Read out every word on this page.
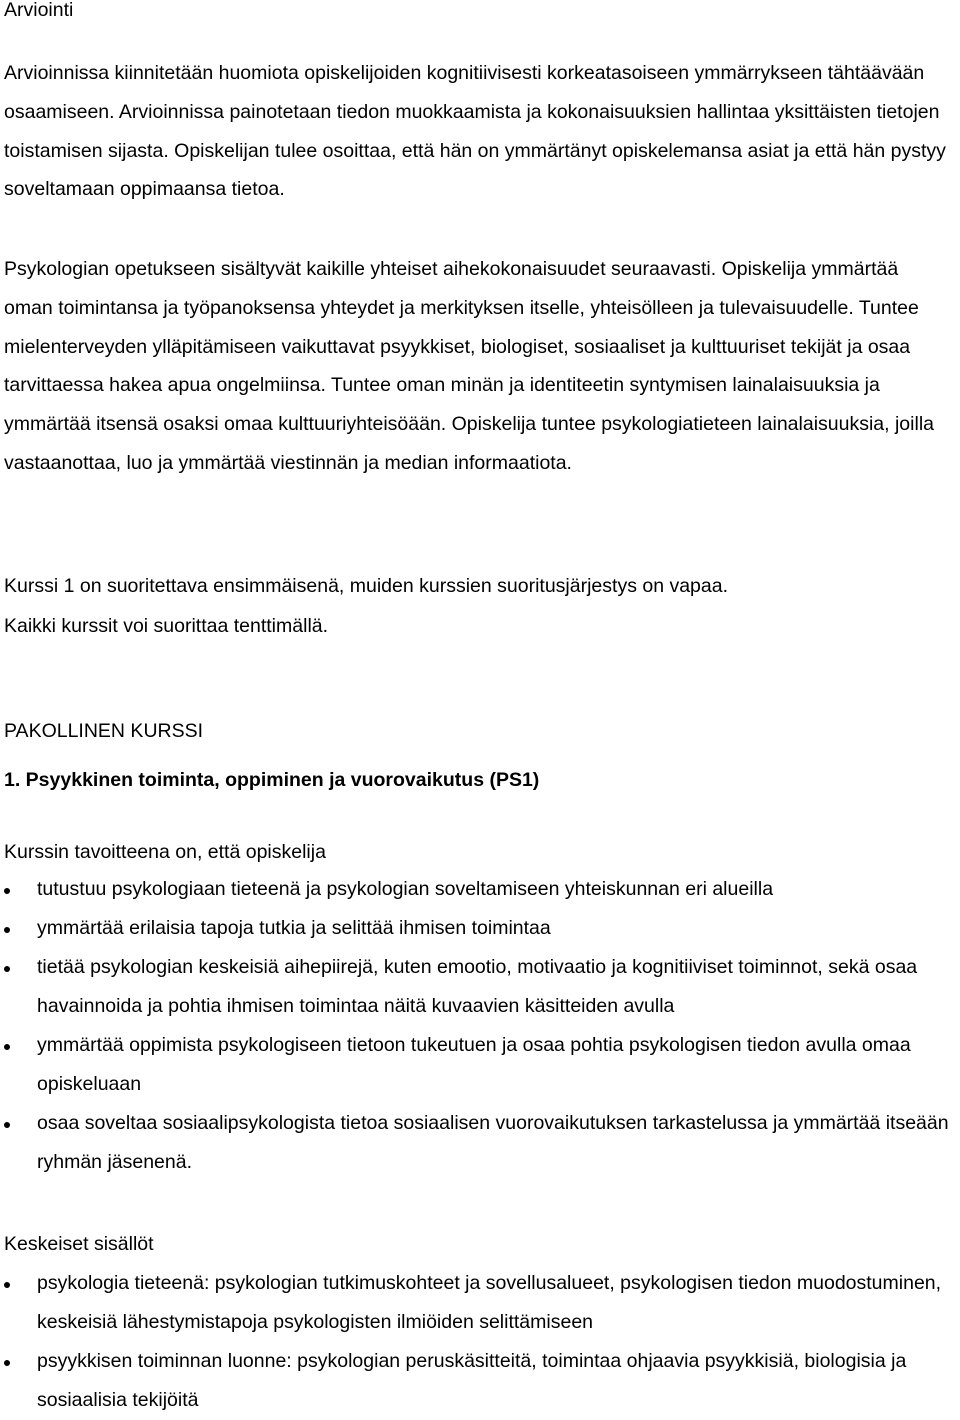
Arviointi

Arvioinnissa kiinnitetään huomiota opiskelijoiden kognitiivisesti korkeatasoiseen ymmärrykseen tähtäävään osaamiseen. Arvioinnissa painotetaan tiedon muokkaamista ja kokonaisuuksien hallintaa yksittäisten tietojen toistamisen sijasta. Opiskelijan tulee osoittaa, että hän on ymmärtänyt opiskelemansa asiat ja että hän pystyy soveltamaan oppimaansa tietoa.

Psykologian opetukseen sisältyvät kaikille yhteiset aihekokonaisuudet seuraavasti. Opiskelija ymmärtää oman toimintansa ja työpanoksensa yhteydet ja merkityksen itselle, yhteisölleen ja tulevaisuudelle. Tuntee mielenterveyden ylläpitämiseen vaikuttavat psyykkiset, biologiset, sosiaaliset ja kulttuuriset tekijät ja osaa tarvittaessa hakea apua ongelmiinsa. Tuntee oman minän ja identiteetin syntymisen lainalaisuuksia ja ymmärtää itsensä osaksi omaa kulttuuriyhteisöään. Opiskelija tuntee psykologiatieteen lainalaisuuksia, joilla vastaanottaa, luo ja ymmärtää viestinnän ja median informaatiota.

Kurssi 1 on suoritettava ensimmäisenä, muiden kurssien suoritusjärjestys on vapaa.

Kaikki kurssit voi suorittaa tenttimällä.

PAKOLLINEN KURSSI

1. Psyykkinen toiminta, oppiminen ja vuorovaikutus (PS1)

Kurssin tavoitteena on, että opiskelija

tutustuu psykologiaan tieteenä ja psykologian soveltamiseen yhteiskunnan eri alueilla
ymmärtää erilaisia tapoja tutkia ja selittää ihmisen toimintaa
tietää psykologian keskeisiä aihepiirejä, kuten emootio, motivaatio ja kognitiiviset toiminnot, sekä osaa havainnoida ja pohtia ihmisen toimintaa näitä kuvaavien käsitteiden avulla
ymmärtää oppimista psykologiseen tietoon tukeutuen ja osaa pohtia psykologisen tiedon avulla omaa opiskeluaan
osaa soveltaa sosiaalipsykologista tietoa sosiaalisen vuorovaikutuksen tarkastelussa ja ymmärtää itseään ryhmän jäsenenä.

Keskeiset sisällöt

psykologia tieteenä: psykologian tutkimuskohteet ja sovellusalueet, psykologisen tiedon muodostuminen, keskeisiä lähestymistapoja psykologisten ilmiöiden selittämiseen
psyykkisen toiminnan luonne: psykologian peruskäsitteitä, toimintaa ohjaavia psyykkisiä, biologisia ja sosiaalisia tekijöitä
